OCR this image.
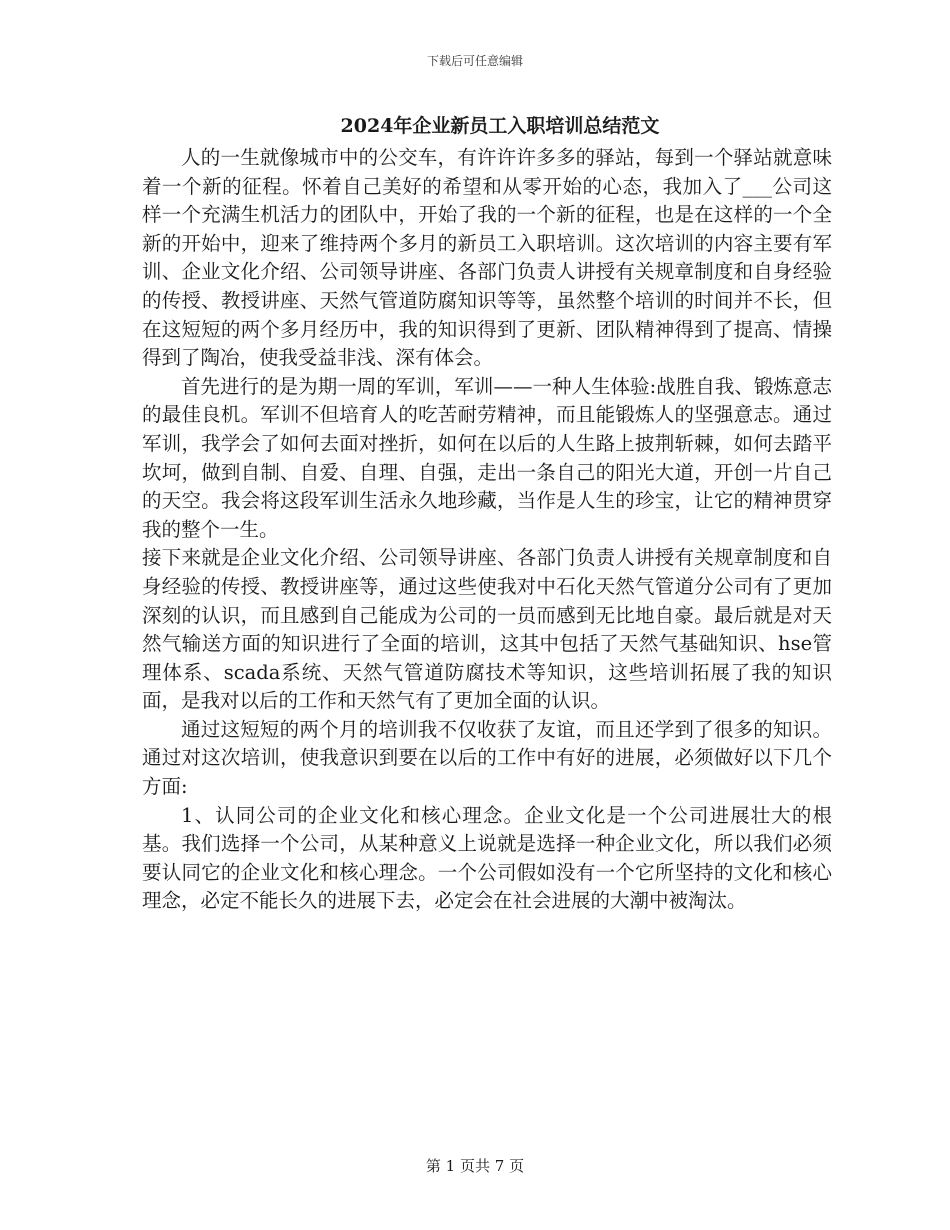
下载后可任意编辑
2024年企业新员工入职培训总结范文

人的一生就像城市中的公交车，有许许许多多的驿站，每到一个驿站就意味着一个新的征程。怀着自己美好的希望和从零开始的心态，我加入了___公司这样一个充满生机活力的团队中，开始了我的一个新的征程，也是在这样的一个全新的开始中，迎来了维持两个多月的新员工入职培训。这次培训的内容主要有军训、企业文化介绍、公司领导讲座、各部门负责人讲授有关规章制度和自身经验的传授、教授讲座、天然气管道防腐知识等等，虽然整个培训的时间并不长，但在这短短的两个多月经历中，我的知识得到了更新、团队精神得到了提高、情操得到了陶冶，使我受益非浅、深有体会。

首先进行的是为期一周的军训，军训——一种人生体验:战胜自我、锻炼意志的最佳良机。军训不但培育人的吃苦耐劳精神，而且能锻炼人的坚强意志。通过军训，我学会了如何去面对挫折，如何在以后的人生路上披荆斩棘，如何去踏平坎坷，做到自制、自爱、自理、自强，走出一条自己的阳光大道，开创一片自己的天空。我会将这段军训生活永久地珍藏，当作是人生的珍宝，让它的精神贯穿我的整个一生。

接下来就是企业文化介绍、公司领导讲座、各部门负责人讲授有关规章制度和自身经验的传授、教授讲座等，通过这些使我对中石化天然气管道分公司有了更加深刻的认识，而且感到自己能成为公司的一员而感到无比地自豪。最后就是对天然气输送方面的知识进行了全面的培训，这其中包括了天然气基础知识、hse管理体系、scada系统、天然气管道防腐技术等知识，这些培训拓展了我的知识面，是我对以后的工作和天然气有了更加全面的认识。

通过这短短的两个月的培训我不仅收获了友谊，而且还学到了很多的知识。通过对这次培训，使我意识到要在以后的工作中有好的进展，必须做好以下几个方面:

1、认同公司的企业文化和核心理念。企业文化是一个公司进展壮大的根基。我们选择一个公司，从某种意义上说就是选择一种企业文化，所以我们必须要认同它的企业文化和核心理念。一个公司假如没有一个它所坚持的文化和核心理念，必定不能长久的进展下去，必定会在社会进展的大潮中被淘汰。

第 1 页共 7 页
